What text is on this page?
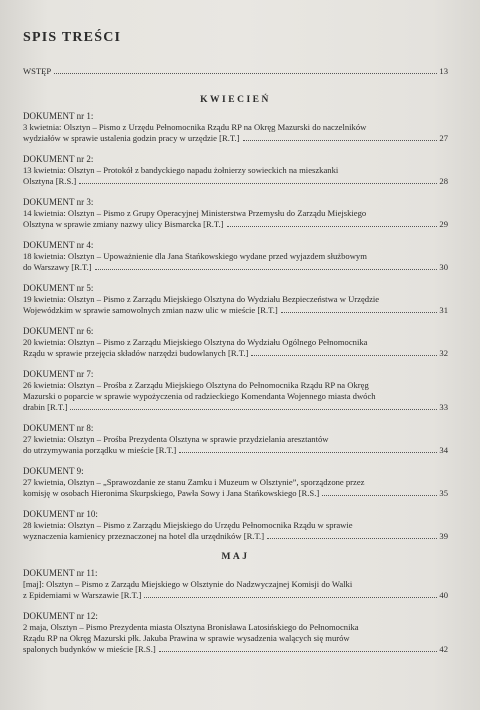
SPIS TREŚCI
WSTĘP	13
KWIECIEŃ
DOKUMENT nr 1:
3 kwietnia: Olsztyn – Pismo z Urzędu Pełnomocnika Rządu RP na Okręg Mazurski do naczelników
wydziałów w sprawie ustalenia godzin pracy w urzędzie [R.T.]	27
DOKUMENT nr 2:
13 kwietnia: Olsztyn – Protokół z bandyckiego napadu żołnierzy sowieckich na mieszkanki
Olsztyna [R.S.]	28
DOKUMENT nr 3:
14 kwietnia: Olsztyn – Pismo z Grupy Operacyjnej Ministerstwa Przemysłu do Zarządu Miejskiego
Olsztyna w sprawie zmiany nazwy ulicy Bismarcka [R.T.]	29
DOKUMENT nr 4:
18 kwietnia: Olsztyn – Upoważnienie dla Jana Stańkowskiego wydane przed wyjazdem służbowym
do Warszawy [R.T.]	30
DOKUMENT nr 5:
19 kwietnia: Olsztyn – Pismo z Zarządu Miejskiego Olsztyna do Wydziału Bezpieczeństwa w Urzędzie
Wojewódzkim w sprawie samowolnych zmian nazw ulic w mieście [R.T.]	31
DOKUMENT nr 6:
20 kwietnia: Olsztyn – Pismo z Zarządu Miejskiego Olsztyna do Wydziału Ogólnego Pełnomocnika
Rządu w sprawie przejęcia składów narzędzi budowlanych [R.T.]	32
DOKUMENT nr 7:
26 kwietnia: Olsztyn – Prośba z Zarządu Miejskiego Olsztyna do Pełnomocnika Rządu RP na Okręg
Mazurski o poparcie w sprawie wypożyczenia od radzieckiego Komendanta Wojennego miasta dwóch
drabin [R.T.]	33
DOKUMENT nr 8:
27 kwietnia: Olsztyn – Prośba Prezydenta Olsztyna w sprawie przydzielania aresztantów
do utrzymywania porządku w mieście [R.T.]	34
DOKUMENT 9:
27 kwietnia, Olsztyn – „Sprawozdanie ze stanu Zamku i Muzeum w Olsztynie”, sporządzone przez
komisję w osobach Hieronima Skurpskiego, Pawła Sowy i Jana Stańkowskiego [R.S.]	35
DOKUMENT nr 10:
28 kwietnia: Olsztyn – Pismo z Zarządu Miejskiego do Urzędu Pełnomocnika Rządu w sprawie
wyznaczenia kamienicy przeznaczonej na hotel dla urzędników [R.T.]	39
MAJ
DOKUMENT nr 11:
[maj]: Olsztyn – Pismo z Zarządu Miejskiego w Olsztynie do Nadzwyczajnej Komisji do Walki
z Epidemiami w Warszawie [R.T.]	40
DOKUMENT nr 12:
2 maja, Olsztyn – Pismo Prezydenta miasta Olsztyna Bronisława Latosińskiego do Pełnomocnika
Rządu RP na Okręg Mazurski płk. Jakuba Prawina w sprawie wysadzenia walących się murów
spalonych budynków w mieście [R.S.]	42
